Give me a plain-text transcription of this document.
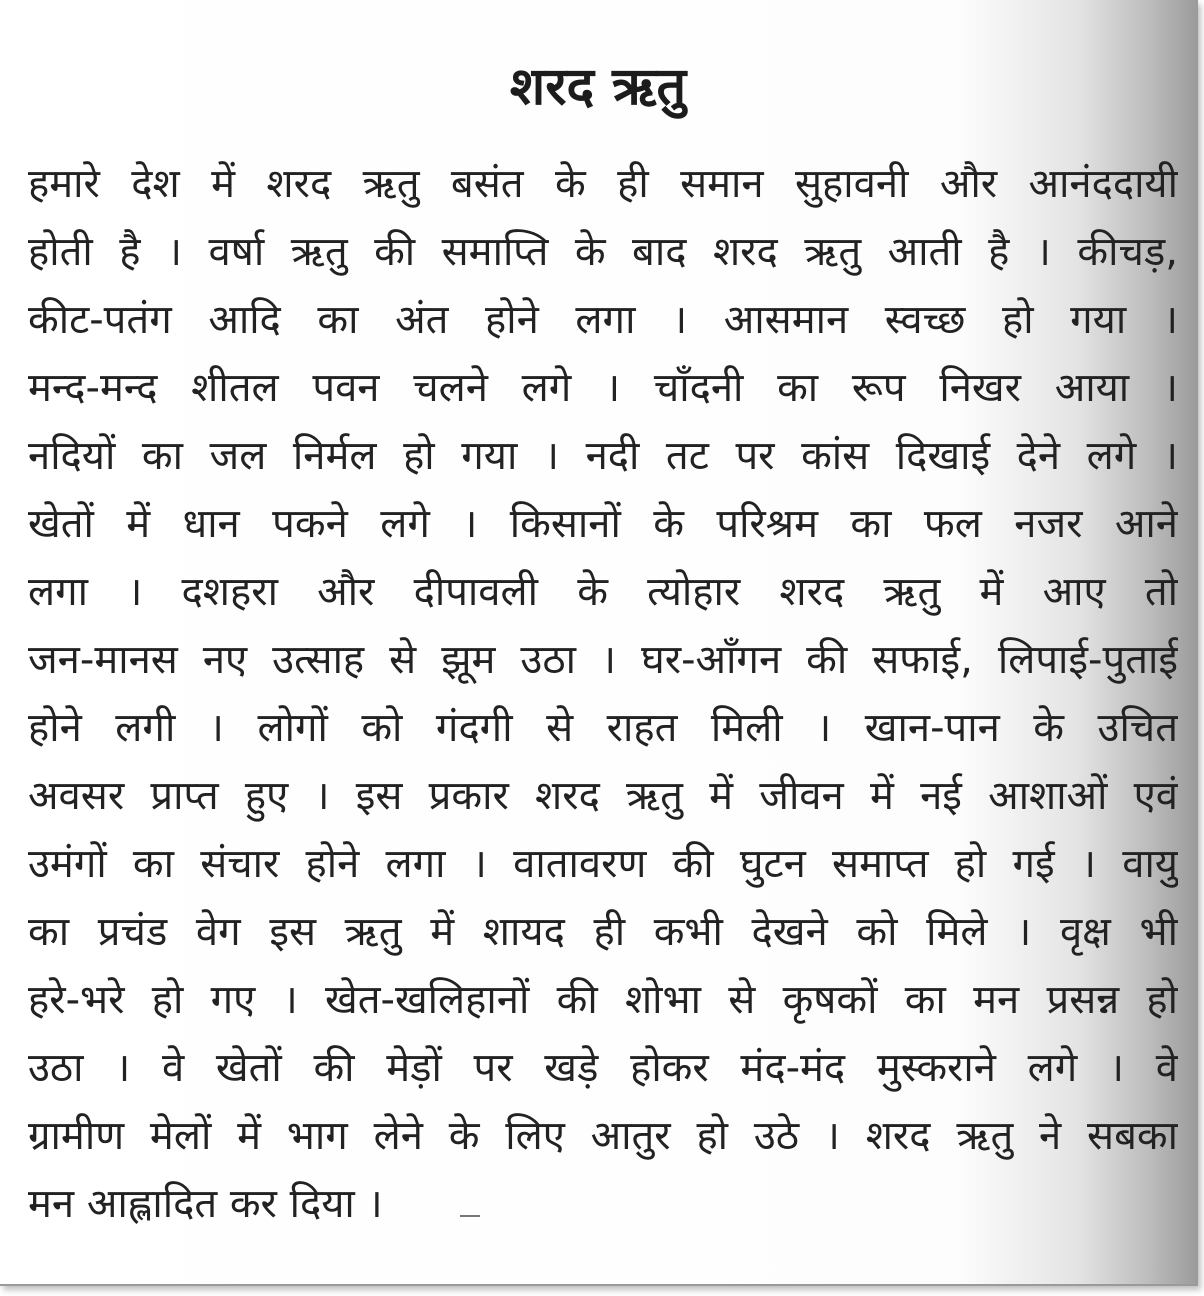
शरद ऋतु
हमारे देश में शरद ऋतु बसंत के ही समान सुहावनी और आनंददायी
होती है । वर्षा ऋतु की समाप्ति के बाद शरद ऋतु आती है । कीचड़,
कीट-पतंग आदि का अंत होने लगा । आसमान स्वच्छ हो गया ।
मन्द-मन्द शीतल पवन चलने लगे । चाँदनी का रूप निखर आया ।
नदियों का जल निर्मल हो गया । नदी तट पर कांस दिखाई देने लगे ।
खेतों में धान पकने लगे । किसानों के परिश्रम का फल नजर आने
लगा । दशहरा और दीपावली के त्योहार शरद ऋतु में आए तो
जन-मानस नए उत्साह से झूम उठा । घर-आँगन की सफाई, लिपाई-पुताई
होने लगी । लोगों को गंदगी से राहत मिली । खान-पान के उचित
अवसर प्राप्त हुए । इस प्रकार शरद ऋतु में जीवन में नई आशाओं एवं
उमंगों का संचार होने लगा । वातावरण की घुटन समाप्त हो गई । वायु
का प्रचंड वेग इस ऋतु में शायद ही कभी देखने को मिले । वृक्ष भी
हरे-भरे हो गए । खेत-खलिहानों की शोभा से कृषकों का मन प्रसन्न हो
उठा । वे खेतों की मेड़ों पर खड़े होकर मंद-मंद मुस्कराने लगे । वे
ग्रामीण मेलों में भाग लेने के लिए आतुर हो उठे । शरद ऋतु ने सबका
मन आह्लादित कर दिया ।
